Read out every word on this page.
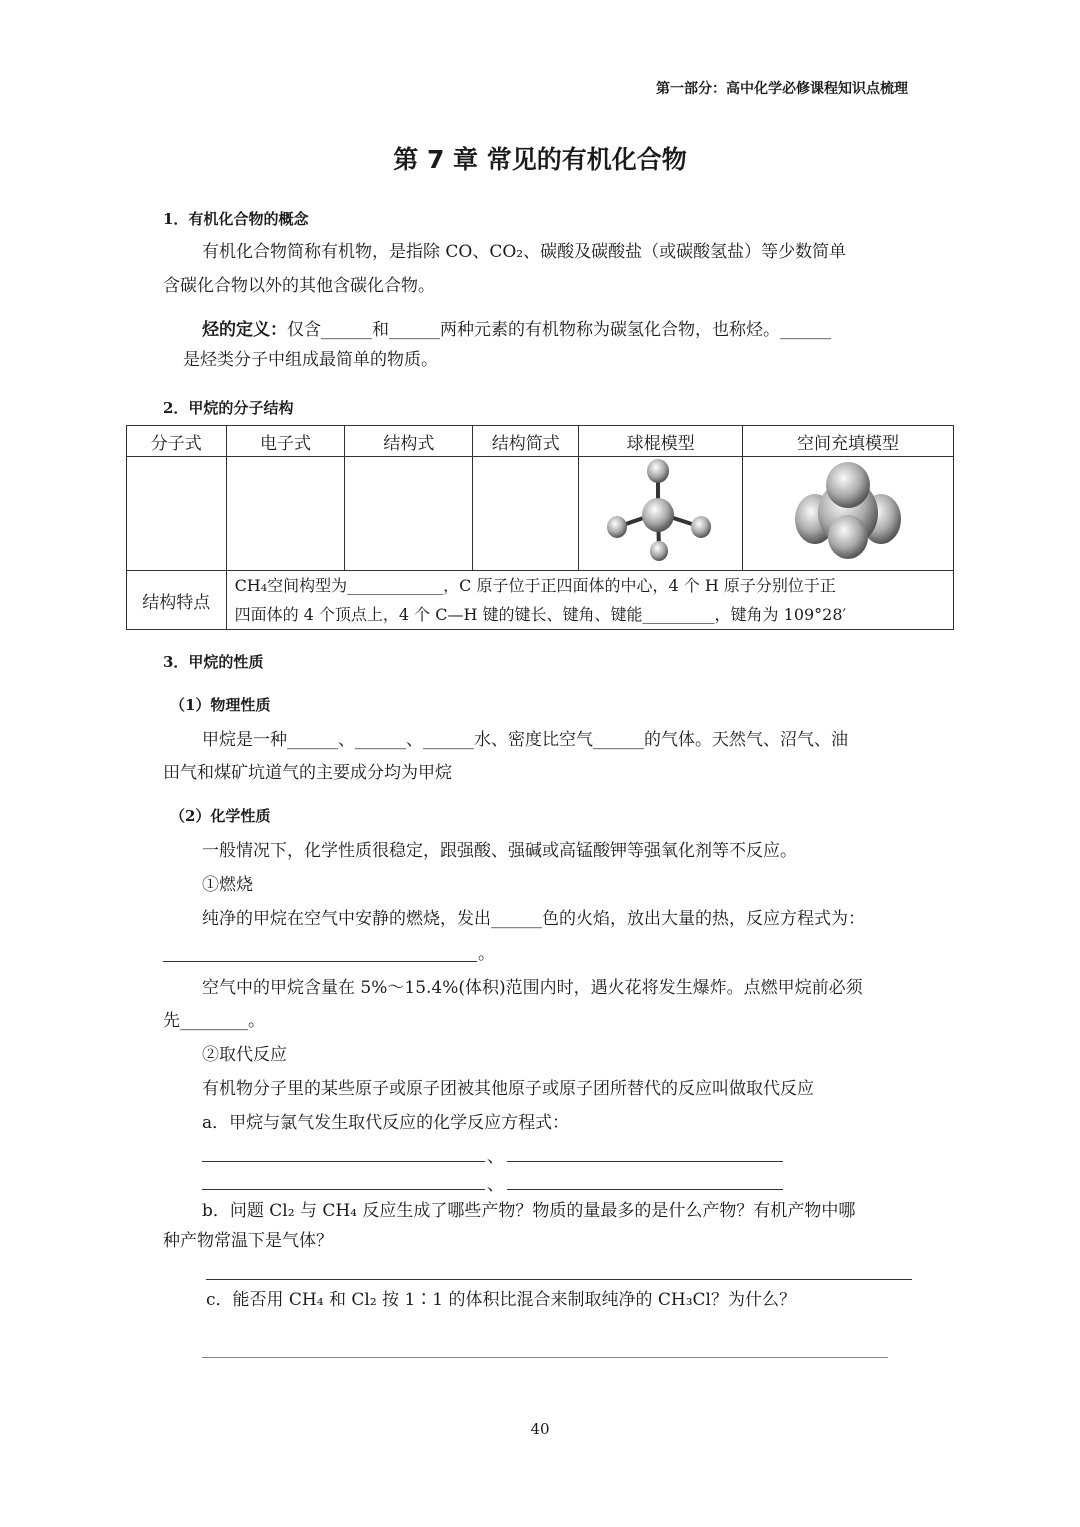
第一部分：高中化学必修课程知识点梳理
第 7 章 常见的有机化合物
1．有机化合物的概念
有机化合物简称有机物，是指除 CO、CO₂、碳酸及碳酸盐（或碳酸氢盐）等少数简单
含碳化合物以外的其他含碳化合物。
烃的定义：仅含______和______两种元素的有机物称为碳氢化合物，也称烃。______
是烃类分子中组成最简单的物质。
2．甲烷的分子结构
分子式	电子式	结构式	结构简式	球棍模型	空间充填模型

结构特点	CH₄空间构型为____________，C 原子位于正四面体的中心，4 个 H 原子分别位于正
四面体的 4 个顶点上，4 个 C—H 键的键长、键角、键能_________，键角为 109°28′				
3．甲烷的性质
（1）物理性质
甲烷是一种______、______、______水、密度比空气______的气体。天然气、沼气、油
田气和煤矿坑道气的主要成分均为甲烷
（2）化学性质
一般情况下，化学性质很稳定，跟强酸、强碱或高锰酸钾等强氧化剂等不反应。
①燃烧
纯净的甲烷在空气中安静的燃烧，发出______色的火焰，放出大量的热，反应方程式为：
。
空气中的甲烷含量在 5%～15.4%(体积)范围内时，遇火花将发生爆炸。点燃甲烷前必须
先________。
②取代反应
有机物分子里的某些原子或原子团被其他原子或原子团所替代的反应叫做取代反应
a．甲烷与氯气发生取代反应的化学反应方程式：
、
、
b．问题 Cl₂ 与 CH₄ 反应生成了哪些产物？物质的量最多的是什么产物？有机产物中哪
种产物常温下是气体？
c．能否用 CH₄ 和 Cl₂ 按 1∶1 的体积比混合来制取纯净的 CH₃Cl？为什么？
40
